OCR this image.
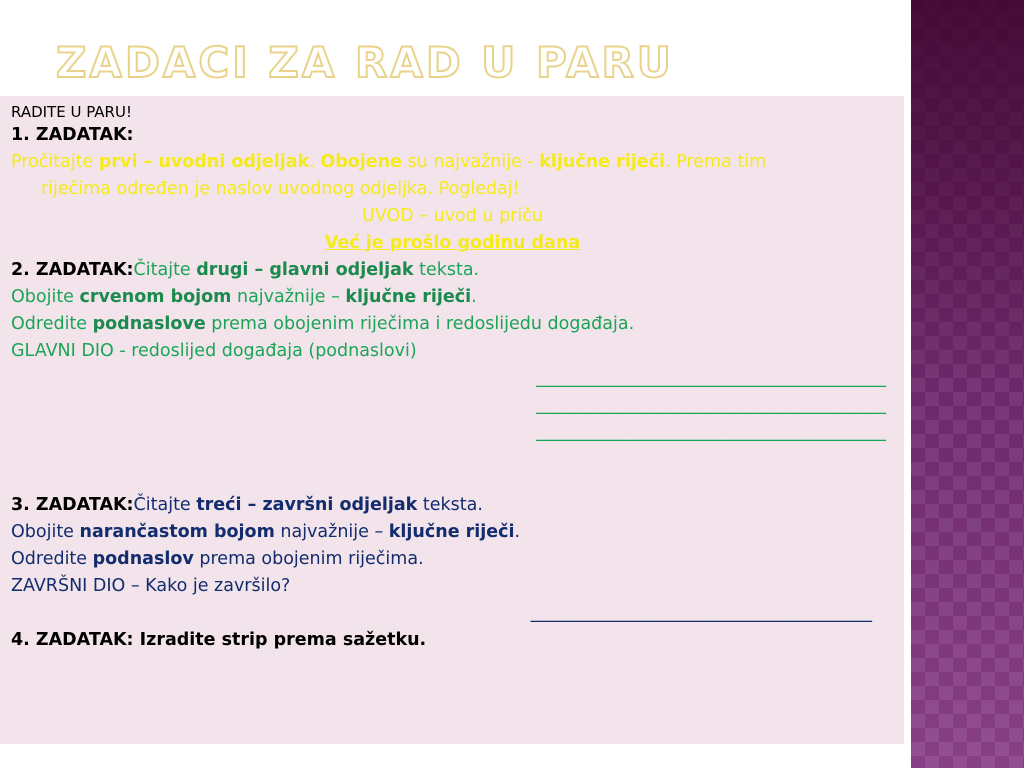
ZADACI ZA RAD U PARU
RADITE U PARU!
1. ZADATAK:
Pročitajte prvi – uvodni odjeljak. Obojene su najvažnije - ključne riječi. Prema tim
riječima određen je naslov uvodnog odjeljka. Pogledaj!
UVOD – uvod u priču
Već je prošlo godinu dana
2. ZADATAK:Čitajte drugi – glavni odjeljak teksta.
Obojite crvenom bojom najvažnije – ključne riječi.
Odredite podnaslove prema obojenim riječima i redoslijedu događaja.
GLAVNI DIO - redoslijed događaja (podnaslovi)
________________________________________
________________________________________
________________________________________
3. ZADATAK:Čitajte treći – završni odjeljak teksta.
Obojite narančastom bojom najvažnije – ključne riječi.
Odredite podnaslov prema obojenim riječima.
ZAVRŠNI DIO – Kako je završilo?
_______________________________________
4. ZADATAK: Izradite strip prema sažetku.
